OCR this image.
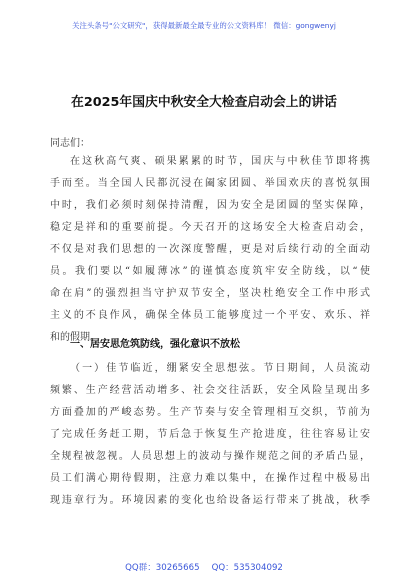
关注头条号"公文研究"，获得最新最全最专业的公文资料库！ 微信：gongwenyj
在2025年国庆中秋安全大检查启动会上的讲话
同志们：
在这秋高气爽、硕果累累的时节，国庆与中秋佳节即将携
手而至。当全国人民都沉浸在阖家团圆、举国欢庆的喜悦氛围
中时，我们必须时刻保持清醒，因为安全是团圆的坚实保障，
稳定是祥和的重要前提。今天召开的这场安全大检查启动会，
不仅是对我们思想的一次深度警醒，更是对后续行动的全面动
员。我们要以“如履薄冰”的谨慎态度筑牢安全防线，以“使
命在肩”的强烈担当守护双节安全，坚决杜绝安全工作中形式
主义的不良作风，确保全体员工能够度过一个平安、欢乐、祥
和的假期。
一、居安思危筑防线，强化意识不放松
（一）佳节临近，绷紧安全思想弦。节日期间，人员流动
频繁、生产经营活动增多、社会交往活跃，安全风险呈现出多
方面叠加的严峻态势。生产节奏与安全管理相互交织，节前为
了完成任务赶工期，节后急于恢复生产抢进度，往往容易让安
全规程被忽视。人员思想上的波动与操作规范之间的矛盾凸显，
员工们满心期待假期，注意力难以集中，在操作过程中极易出
现违章行为。环境因素的变化也给设备运行带来了挑战，秋季
QQ群：30265665 QQ：535304092
